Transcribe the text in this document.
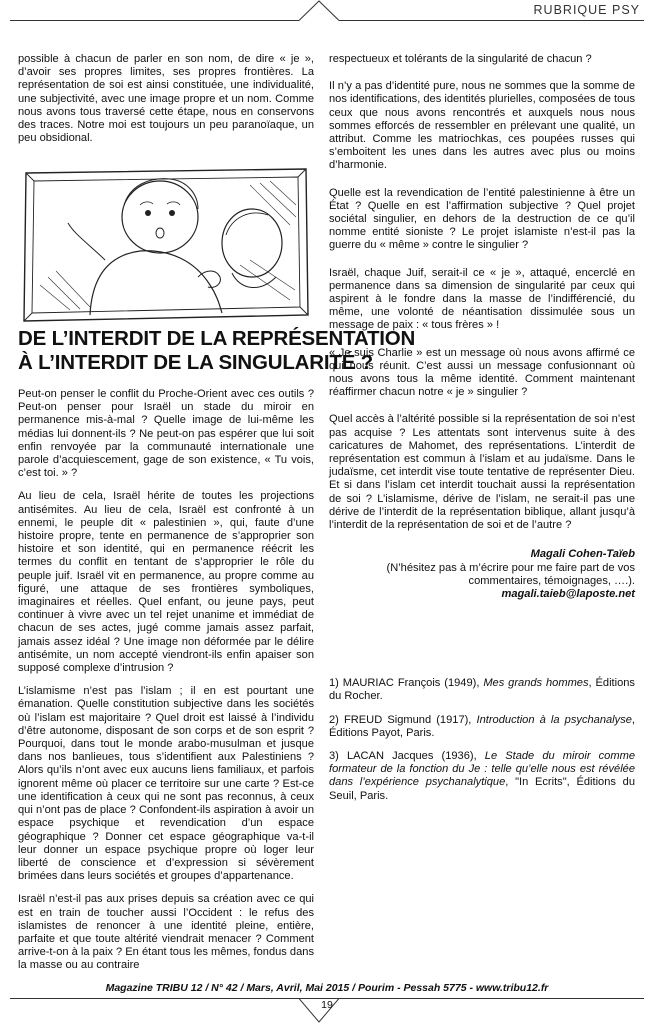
RUBRIQUE PSY

possible à chacun de parler en son nom, de dire « je », d’avoir ses propres limites, ses propres frontières. La représentation de soi est ainsi constituée, une individualité, une subjectivité, avec une image propre et un nom. Comme nous avons tous traversé cette étape, nous en conservons des traces. Notre moi est toujours un peu paranoïaque, un peu obsidional.

DE L’INTERDIT DE LA REPRÉSENTATION
À L’INTERDIT DE LA SINGULARITÉ ?

Peut-on penser le conflit du Proche-Orient avec ces outils ? Peut-on penser pour Israël un stade du miroir en permanence mis-à-mal ? Quelle image de lui-même les médias lui donnent-ils ? Ne peut-on pas espérer que lui soit enfin renvoyée par la communauté internationale une parole d’acquiescement, gage de son existence, « Tu vois, c’est toi. » ?

Au lieu de cela, Israël hérite de toutes les projections antisémites. Au lieu de cela, Israël est confronté à un ennemi, le peuple dit « palestinien », qui, faute d’une histoire propre, tente en permanence de s’approprier son histoire et son identité, qui en permanence réécrit les termes du conflit en tentant de s’approprier le rôle du peuple juif. Israël vit en permanence, au propre comme au figuré, une attaque de ses frontières symboliques, imaginaires et réelles. Quel enfant, ou jeune pays, peut continuer à vivre avec un tel rejet unanime et immédiat de chacun de ses actes, jugé comme jamais assez parfait, jamais assez idéal ? Une image non déformée par le délire antisémite, un nom accepté viendront-ils enfin apaiser son supposé complexe d’intrusion ?

L’islamisme n’est pas l’islam ; il en est pourtant une émanation. Quelle constitution subjective dans les sociétés où l’islam est majoritaire ? Quel droit est laissé à l’individu d’être autonome, disposant de son corps et de son esprit ? Pourquoi, dans tout le monde arabo-musulman et jusque dans nos banlieues, tous s’identifient aux Palestiniens ? Alors qu’ils n’ont avec eux aucuns liens familiaux, et parfois ignorent même où placer ce territoire sur une carte ? Est-ce une identification à ceux qui ne sont pas reconnus, à ceux qui n’ont pas de place ? Confondent-ils aspiration à avoir un espace psychique et revendication d’un espace géographique ? Donner cet espace géographique va-t-il leur donner un espace psychique propre où loger leur liberté de conscience et d’expression si sévèrement brimées dans leurs sociétés et groupes d’appartenance.

Israël n’est-il pas aux prises depuis sa création avec ce qui est en train de toucher aussi l’Occident : le refus des islamistes de renoncer à une identité pleine, entière, parfaite et que toute altérité viendrait menacer ? Comment arrive-t-on à la paix ? En étant tous les mêmes, fondus dans la masse ou au contraire

respectueux et tolérants de la singularité de chacun ?

Il n’y a pas d’identité pure, nous ne sommes que la somme de nos identifications, des identités plurielles, composées de tous ceux que nous avons rencontrés et auxquels nous nous sommes efforcés de ressembler en prélevant une qualité, un attribut. Comme les matriochkas, ces poupées russes qui s’emboitent les unes dans les autres avec plus ou moins d’harmonie.

Quelle est la revendication de l’entité palestinienne à être un État ? Quelle en est l’affirmation subjective ? Quel projet sociétal singulier, en dehors de la destruction de ce qu’il nomme entité sioniste ? Le projet islamiste n’est-il pas la guerre du « même » contre le singulier ?

Israël, chaque Juif, serait-il ce « je », attaqué, encerclé en permanence dans sa dimension de singularité par ceux qui aspirent à le fondre dans la masse de l’indifférencié, du même, une volonté de néantisation dissimulée sous un message de paix : « tous frères » !

« Je suis Charlie » est un message où nous avons affirmé ce qui nous réunit. C’est aussi un message confusionnant où nous avons tous la même identité. Comment maintenant réaffirmer chacun notre « je » singulier ?

Quel accès à l’altérité possible si la représentation de soi n’est pas acquise ? Les attentats sont intervenus suite à des caricatures de Mahomet, des représentations. L’interdit de représentation est commun à l’islam et au judaïsme. Dans le judaïsme, cet interdit vise toute tentative de représenter Dieu. Et si dans l’islam cet interdit touchait aussi la représentation de soi ? L’islamisme, dérive de l’islam, ne serait-il pas une dérive de l’interdit de la représentation biblique, allant jusqu’à l’interdit de la représentation de soi et de l’autre ?

Magali Cohen-Taïeb
(N’hésitez pas à m’écrire pour me faire part de vos commentaires, témoignages, ….).
magali.taieb@laposte.net

1) MAURIAC François (1949), Mes grands hommes, Éditions du Rocher.

2) FREUD Sigmund (1917), Introduction à la psychanalyse, Éditions Payot, Paris.

3) LACAN Jacques (1936), Le Stade du miroir comme formateur de la fonction du Je : telle qu’elle nous est révélée dans l’expérience psychanalytique, "In Ecrits", Éditions du Seuil, Paris.

Magazine TRIBU 12 / N° 42 / Mars, Avril, Mai 2015 / Pourim - Pessah 5775 - www.tribu12.fr
19
